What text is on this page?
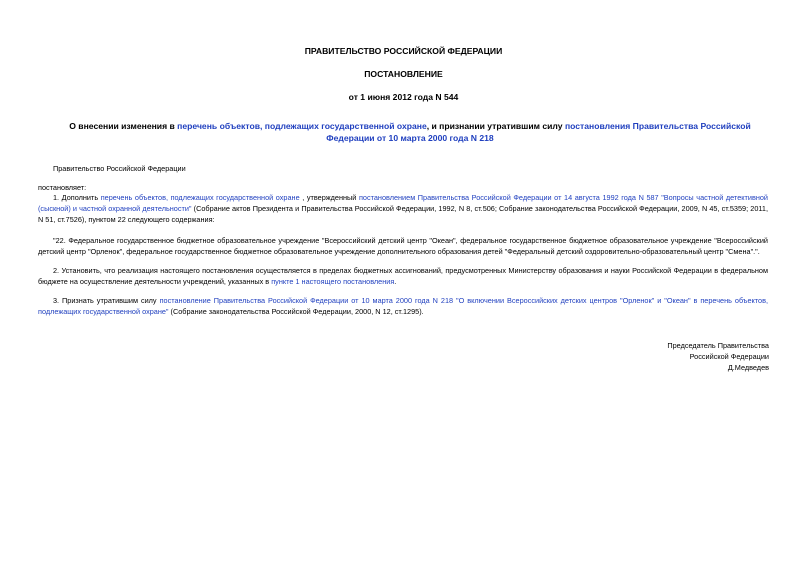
ПРАВИТЕЛЬСТВО РОССИЙСКОЙ ФЕДЕРАЦИИ
ПОСТАНОВЛЕНИЕ
от 1 июня 2012 года N 544
О внесении изменения в перечень объектов, подлежащих государственной охране, и признании утратившим силу постановления Правительства Российской Федерации от 10 марта 2000 года N 218
Правительство Российской Федерации
постановляет:
1. Дополнить перечень объектов, подлежащих государственной охране , утвержденный постановлением Правительства Российской Федерации от 14 августа 1992 года N 587 "Вопросы частной детективной (сыскной) и частной охранной деятельности" (Собрание актов Президента и Правительства Российской Федерации, 1992, N 8, ст.506; Собрание законодательства Российской Федерации, 2009, N 45, ст.5359; 2011, N 51, ст.7526), пунктом 22 следующего содержания:
"22. Федеральное государственное бюджетное образовательное учреждение "Всероссийский детский центр "Океан", федеральное государственное бюджетное образовательное учреждение "Всероссийский детский центр "Орленок", федеральное государственное бюджетное образовательное учреждение дополнительного образования детей "Федеральный детский оздоровительно-образовательный центр "Смена".".
2. Установить, что реализация настоящего постановления осуществляется в пределах бюджетных ассигнований, предусмотренных Министерству образования и науки Российской Федерации в федеральном бюджете на осуществление деятельности учреждений, указанных в пункте 1 настоящего постановления.
3. Признать утратившим силу постановление Правительства Российской Федерации от 10 марта 2000 года N 218 "О включении Всероссийских детских центров "Орленок" и "Океан" в перечень объектов, подлежащих государственной охране" (Собрание законодательства Российской Федерации, 2000, N 12, ст.1295).
Председатель Правительства
Российской Федерации
Д.Медведев
